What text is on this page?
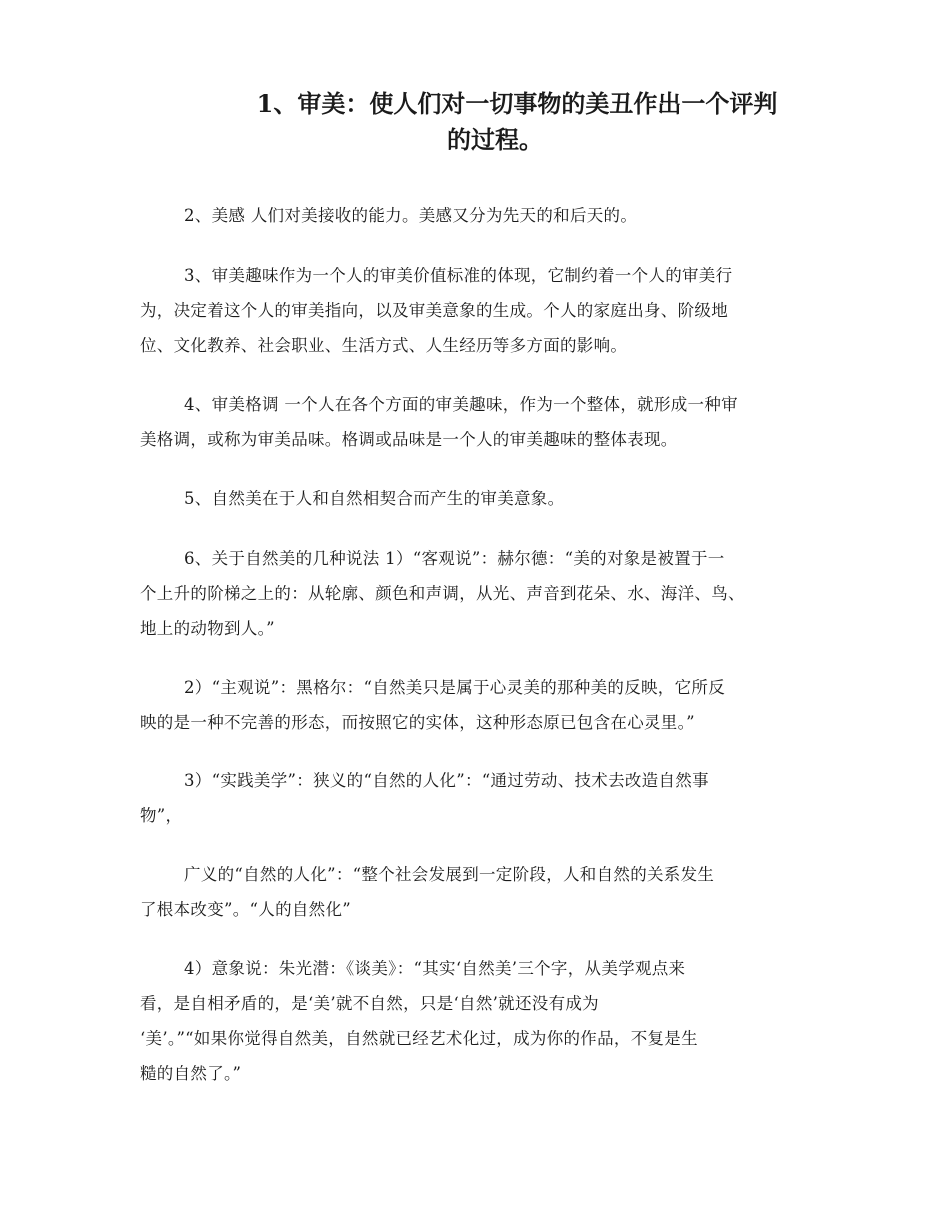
1、审美：使人们对一切事物的美丑作出一个评判
的过程。

2、美感 人们对美接收的能力。美感又分为先天的和后天的。

3、审美趣味作为一个人的审美价值标准的体现，它制约着一个人的审美行
为，决定着这个人的审美指向，以及审美意象的生成。个人的家庭出身、阶级地
位、文化教养、社会职业、生活方式、人生经历等多方面的影响。

4、审美格调 一个人在各个方面的审美趣味，作为一个整体，就形成一种审
美格调，或称为审美品味。格调或品味是一个人的审美趣味的整体表现。

5、自然美在于人和自然相契合而产生的审美意象。

6、关于自然美的几种说法 1）“客观说”：赫尔德：“美的对象是被置于一
个上升的阶梯之上的：从轮廓、颜色和声调，从光、声音到花朵、水、海洋、鸟、
地上的动物到人。”

2）“主观说”：黑格尔：“自然美只是属于心灵美的那种美的反映，它所反
映的是一种不完善的形态，而按照它的实体，这种形态原已包含在心灵里。”

3）“实践美学”：狭义的“自然的人化”：“通过劳动、技术去改造自然事
物”，

广义的“自然的人化”：“整个社会发展到一定阶段，人和自然的关系发生
了根本改变”。“人的自然化”

4）意象说：朱光潜：《谈美》：“其实‘自然美’三个字，从美学观点来
看，是自相矛盾的，是‘美’就不自然，只是‘自然’就还没有成为
‘美’。”“如果你觉得自然美，自然就已经艺术化过，成为你的作品，不复是生
糙的自然了。”
